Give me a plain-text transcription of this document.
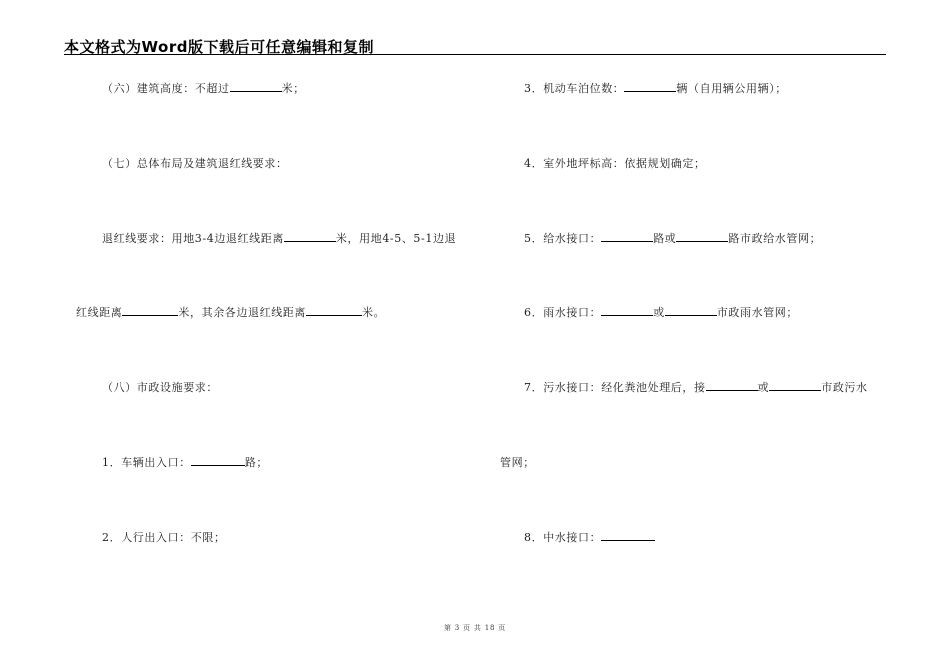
本文格式为Word版下载后可任意编辑和复制
（六）建筑高度：不超过	米；
（七）总体布局及建筑退红线要求：
退红线要求：用地3-4边退红线距离	米，用地4-5、5-1边退
红线距离	米，其余各边退红线距离	米。
（八）市政设施要求：
1．车辆出入口：	路；
2．人行出入口：不限；
3．机动车泊位数：	辆（自用辆公用辆）；
4．室外地坪标高：依据规划确定；
5．给水接口：	路或	路市政给水管网；
6．雨水接口：	或	市政雨水管网；
7．污水接口：经化粪池处理后，接	或	市政污水
管网；
8．中水接口：
第 3 页 共 18 页
